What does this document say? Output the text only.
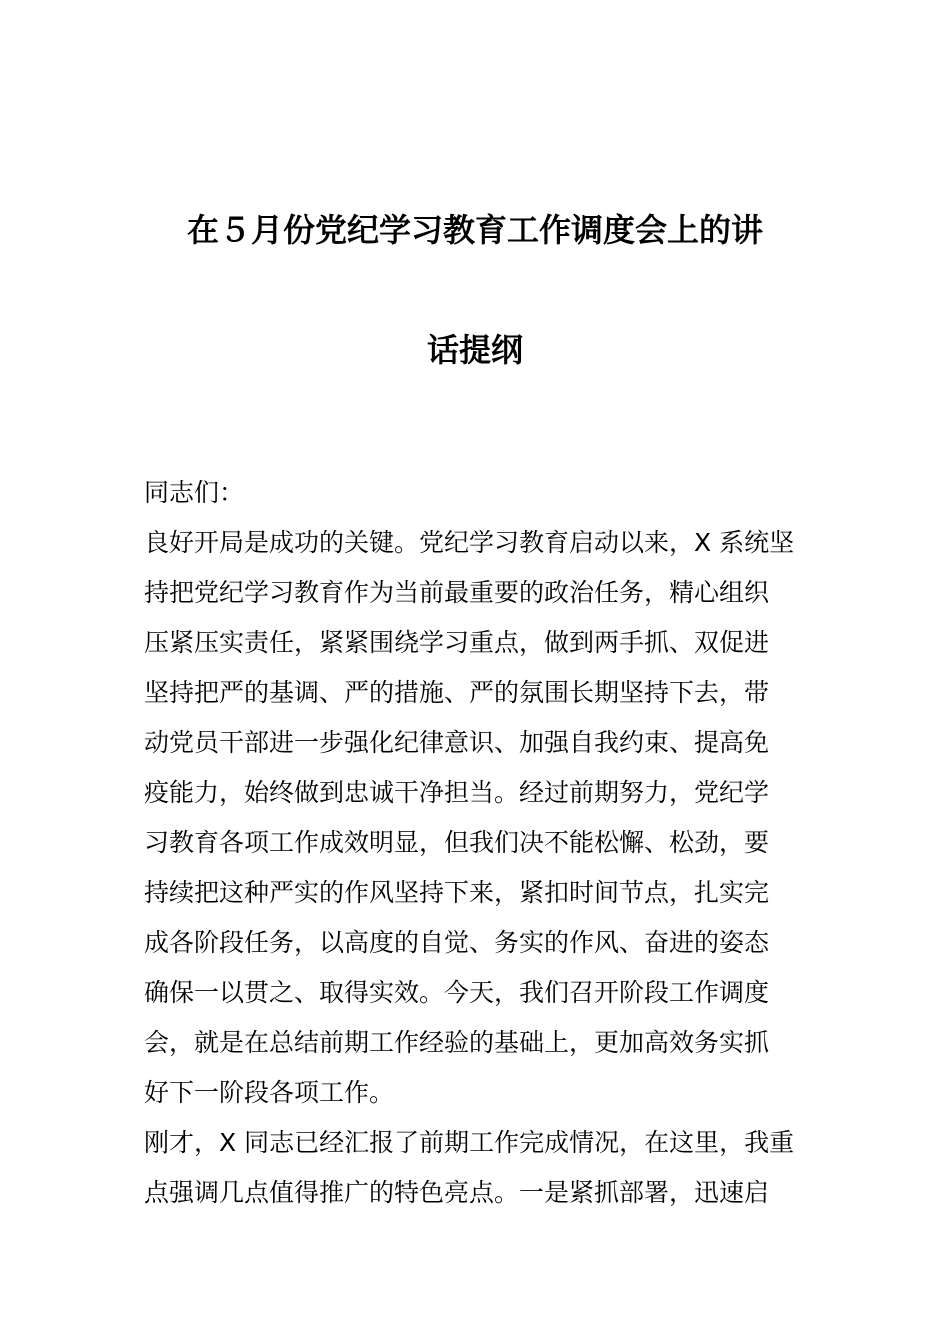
在５月份党纪学习教育工作调度会上的讲
话提纲
同志们：
良好开局是成功的关键。党纪学习教育启动以来，X 系统坚
持把党纪学习教育作为当前最重要的政治任务，精心组织
压紧压实责任，紧紧围绕学习重点，做到两手抓、双促进
坚持把严的基调、严的措施、严的氛围长期坚持下去，带
动党员干部进一步强化纪律意识、加强自我约束、提高免
疫能力，始终做到忠诚干净担当。经过前期努力，党纪学
习教育各项工作成效明显，但我们决不能松懈、松劲，要
持续把这种严实的作风坚持下来，紧扣时间节点，扎实完
成各阶段任务，以高度的自觉、务实的作风、奋进的姿态
确保一以贯之、取得实效。今天，我们召开阶段工作调度
会，就是在总结前期工作经验的基础上，更加高效务实抓
好下一阶段各项工作。
刚才，X 同志已经汇报了前期工作完成情况，在这里，我重
点强调几点值得推广的特色亮点。一是紧抓部署，迅速启
